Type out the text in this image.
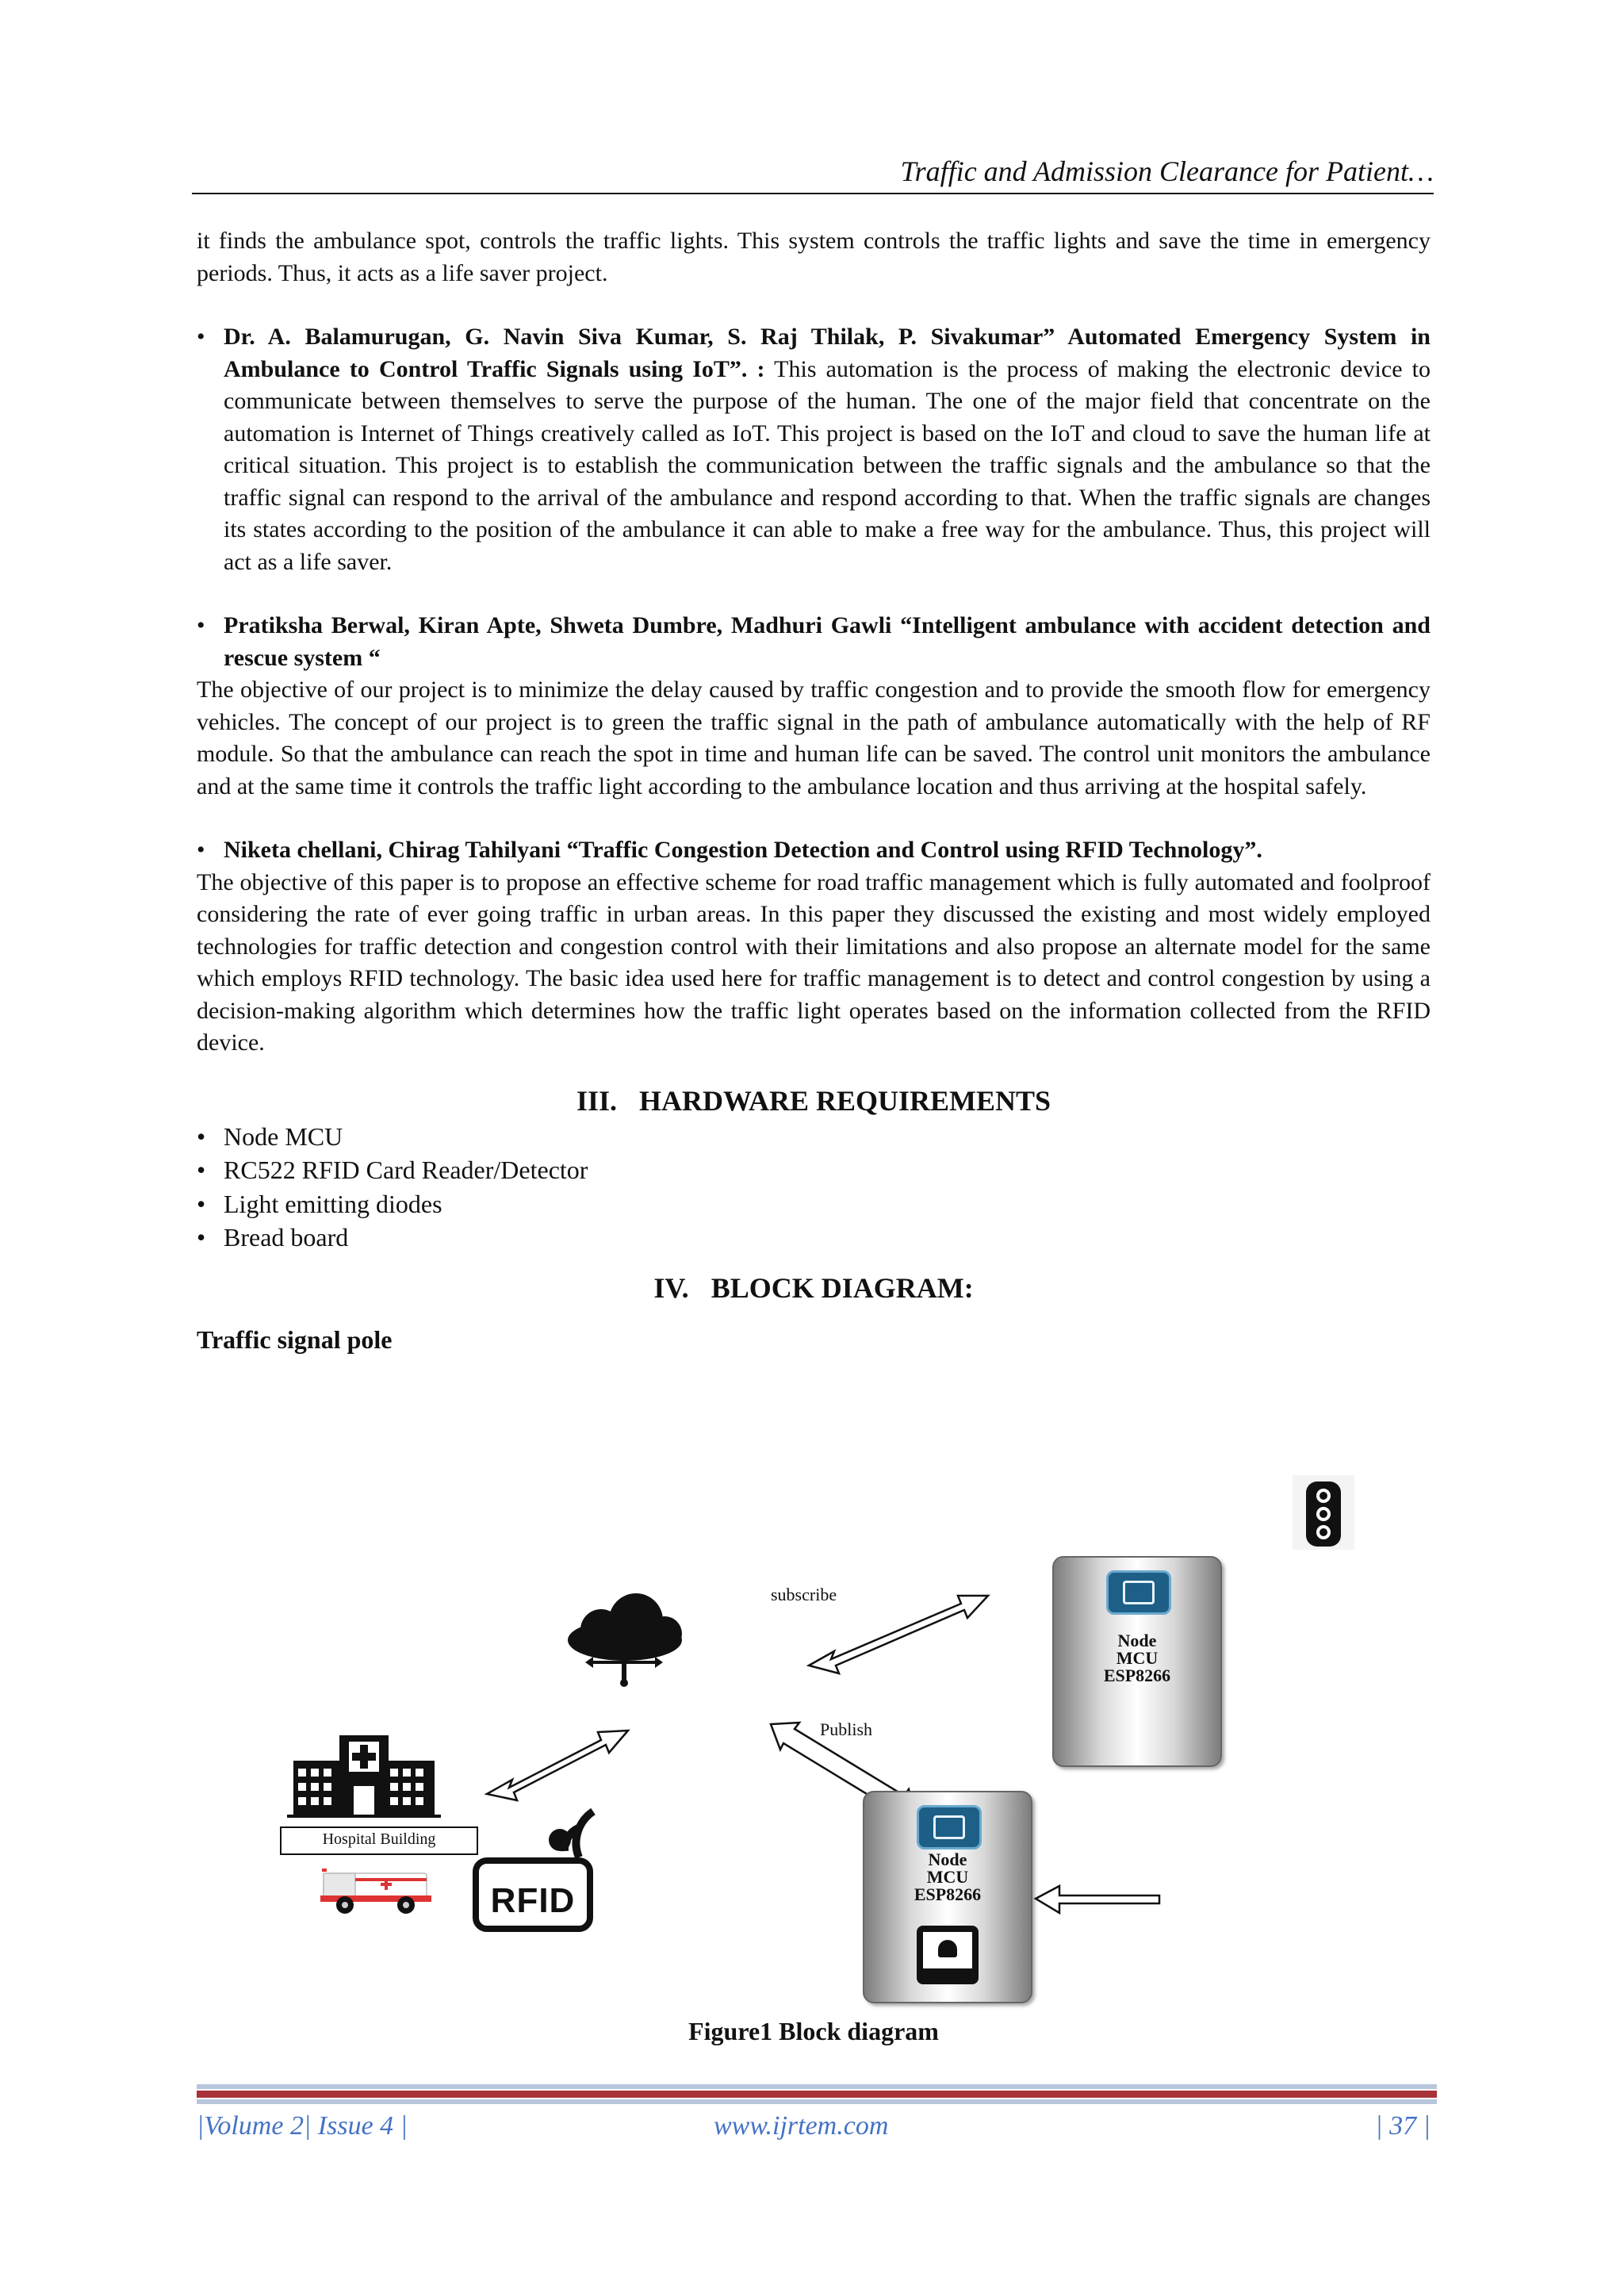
Traffic and Admission Clearance for Patient…

it finds the ambulance spot, controls the traffic lights. This system controls the traffic lights and save the time in emergency periods. Thus, it acts as a life saver project.

• Dr. A. Balamurugan, G. Navin Siva Kumar, S. Raj Thilak, P. Sivakumar” Automated Emergency System in Ambulance to Control Traffic Signals using IoT”. : This automation is the process of making the electronic device to communicate between themselves to serve the purpose of the human. The one of the major field that concentrate on the automation is Internet of Things creatively called as IoT. This project is based on the IoT and cloud to save the human life at critical situation. This project is to establish the communication between the traffic signals and the ambulance so that the traffic signal can respond to the arrival of the ambulance and respond according to that. When the traffic signals are changes its states according to the position of the ambulance it can able to make a free way for the ambulance. Thus, this project will act as a life saver.

• Pratiksha Berwal, Kiran Apte, Shweta Dumbre, Madhuri Gawli “Intelligent ambulance with accident detection and rescue system “

The objective of our project is to minimize the delay caused by traffic congestion and to provide the smooth flow for emergency vehicles. The concept of our project is to green the traffic signal in the path of ambulance automatically with the help of RF module. So that the ambulance can reach the spot in time and human life can be saved. The control unit monitors the ambulance and at the same time it controls the traffic light according to the ambulance location and thus arriving at the hospital safely.

• Niketa chellani, Chirag Tahilyani “Traffic Congestion Detection and Control using RFID Technology”.

The objective of this paper is to propose an effective scheme for road traffic management which is fully automated and foolproof considering the rate of ever going traffic in urban areas. In this paper they discussed the existing and most widely employed technologies for traffic detection and congestion control with their limitations and also propose an alternate model for the same which employs RFID technology. The basic idea used here for traffic management is to detect and control congestion by using a decision-making algorithm which determines how the traffic light operates based on the information collected from the RFID device.

III. HARDWARE REQUIREMENTS
• Node MCU
• RC522 RFID Card Reader/Detector
• Light emitting diodes
• Bread board
IV. BLOCK DIAGRAM:
Traffic signal pole
subscribe
Publish
Hospital Building
RFID
Node
MCU
ESP8266
Node
MCU
ESP8266
Figure1 Block diagram
|Volume 2| Issue 4 |	www.ijrtem.com	| 37 |
